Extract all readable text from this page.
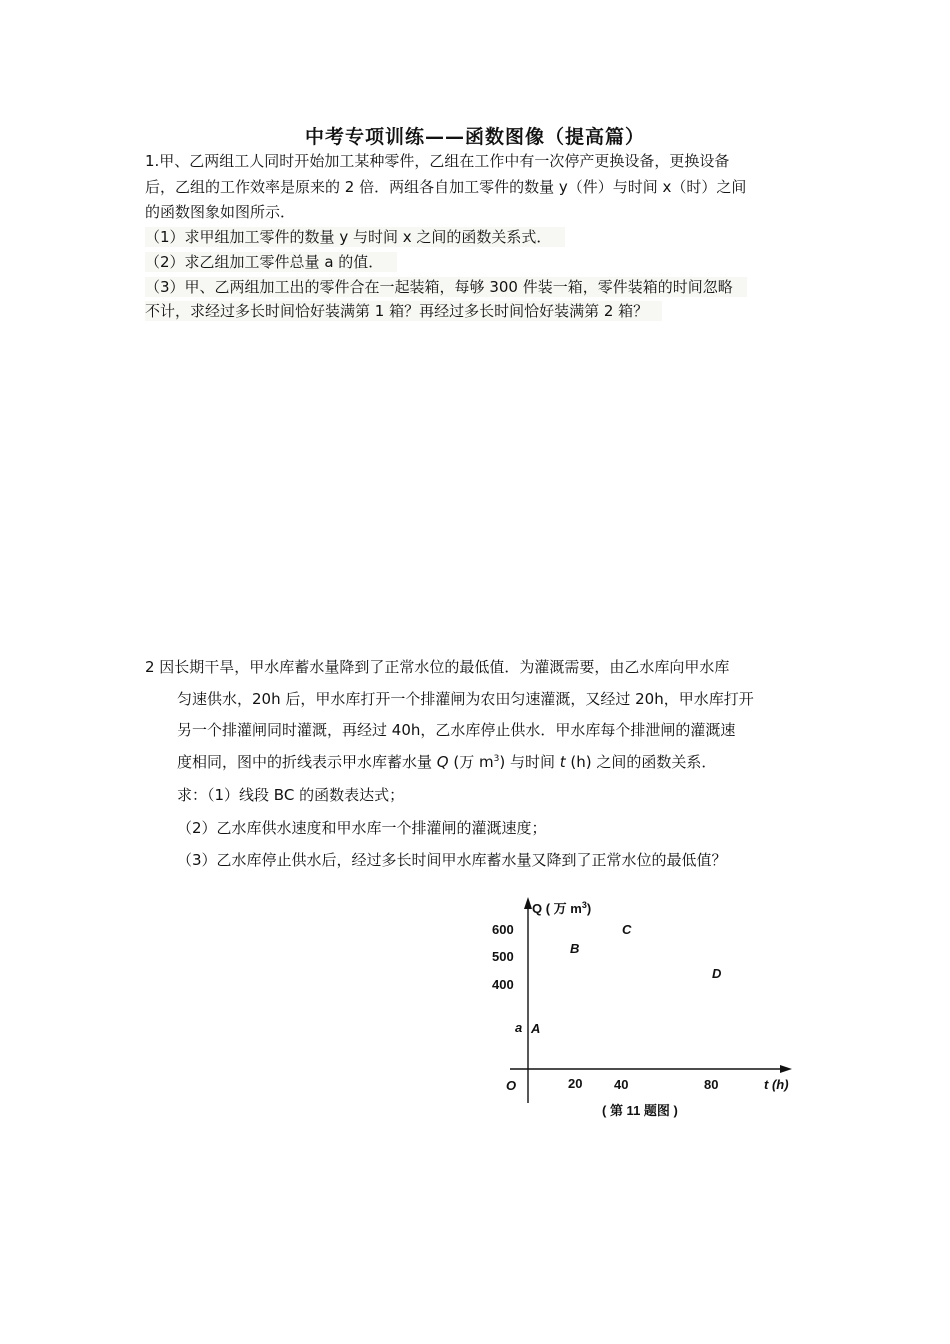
中考专项训练——函数图像（提高篇）
1.甲、乙两组工人同时开始加工某种零件，乙组在工作中有一次停产更换设备，更换设备
后，乙组的工作效率是原来的 2 倍．两组各自加工零件的数量 y（件）与时间 x（时）之间
的函数图象如图所示．
（1）求甲组加工零件的数量 y 与时间 x 之间的函数关系式．
（2）求乙组加工零件总量 a 的值．
（3）甲、乙两组加工出的零件合在一起装箱，每够 300 件装一箱，零件装箱的时间忽略
不计，求经过多长时间恰好装满第 1 箱？再经过多长时间恰好装满第 2 箱？
2 因长期干旱，甲水库蓄水量降到了正常水位的最低值．为灌溉需要，由乙水库向甲水库
匀速供水，20h 后，甲水库打开一个排灌闸为农田匀速灌溉，又经过 20h，甲水库打开
另一个排灌闸同时灌溉，再经过 40h，乙水库停止供水．甲水库每个排泄闸的灌溉速
度相同，图中的折线表示甲水库蓄水量 Q (万 $m^3$) 与时间 t (h) 之间的函数关系．
求：（1）线段 BC 的函数表达式；
（2）乙水库供水速度和甲水库一个排灌闸的灌溉速度；
（3）乙水库停止供水后，经过多长时间甲水库蓄水量又降到了正常水位的最低值？
Q ( 万 $m^3$)
600
500
400
a A
B
C
D
O	20 40	80	t (h)
( 第 11 题图 )
